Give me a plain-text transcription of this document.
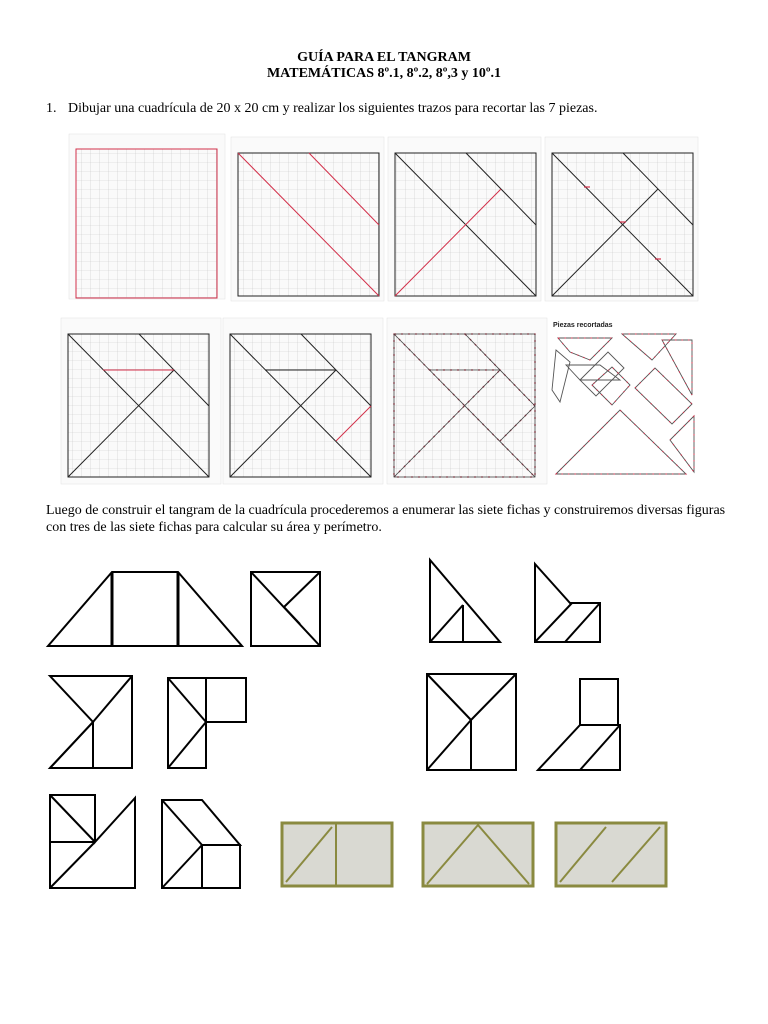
GUÍA PARA EL TANGRAM
MATEMÁTICAS 8º.1, 8º.2, 8º,3 y 10º.1
1. Dibujar una cuadrícula de 20 x 20 cm y realizar los siguientes trazos para recortar las 7 piezas.
Piezas recortadas
Luego de construir el tangram de la cuadrícula procederemos a enumerar las siete fichas y construiremos diversas figuras con tres de las siete fichas para calcular su área y perímetro.
